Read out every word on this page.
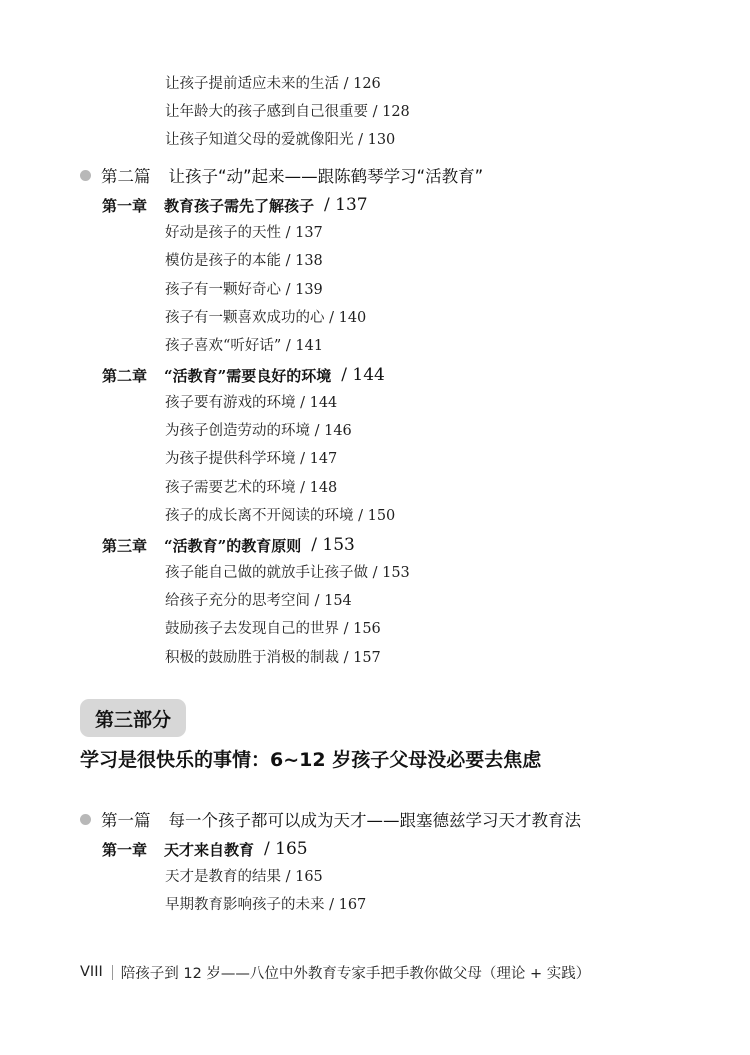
让孩子提前适应未来的生活 / 126
让年龄大的孩子感到自己很重要 / 128
让孩子知道父母的爱就像阳光 / 130
第二篇 让孩子“动”起来——跟陈鹤琴学习“活教育”
第一章 教育孩子需先了解孩子 / 137
好动是孩子的天性 / 137
模仿是孩子的本能 / 138
孩子有一颗好奇心 / 139
孩子有一颗喜欢成功的心 / 140
孩子喜欢“听好话” / 141
第二章 “活教育”需要良好的环境 / 144
孩子要有游戏的环境 / 144
为孩子创造劳动的环境 / 146
为孩子提供科学环境 / 147
孩子需要艺术的环境 / 148
孩子的成长离不开阅读的环境 / 150
第三章 “活教育”的教育原则 / 153
孩子能自己做的就放手让孩子做 / 153
给孩子充分的思考空间 / 154
鼓励孩子去发现自己的世界 / 156
积极的鼓励胜于消极的制裁 / 157
第三部分
学习是很快乐的事情：6~12 岁孩子父母没必要去焦虑
第一篇 每一个孩子都可以成为天才——跟塞德兹学习天才教育法
第一章 天才来自教育 / 165
天才是教育的结果 / 165
早期教育影响孩子的未来 / 167
VIII 陪孩子到 12 岁——八位中外教育专家手把手教你做父母（理论 + 实践）
